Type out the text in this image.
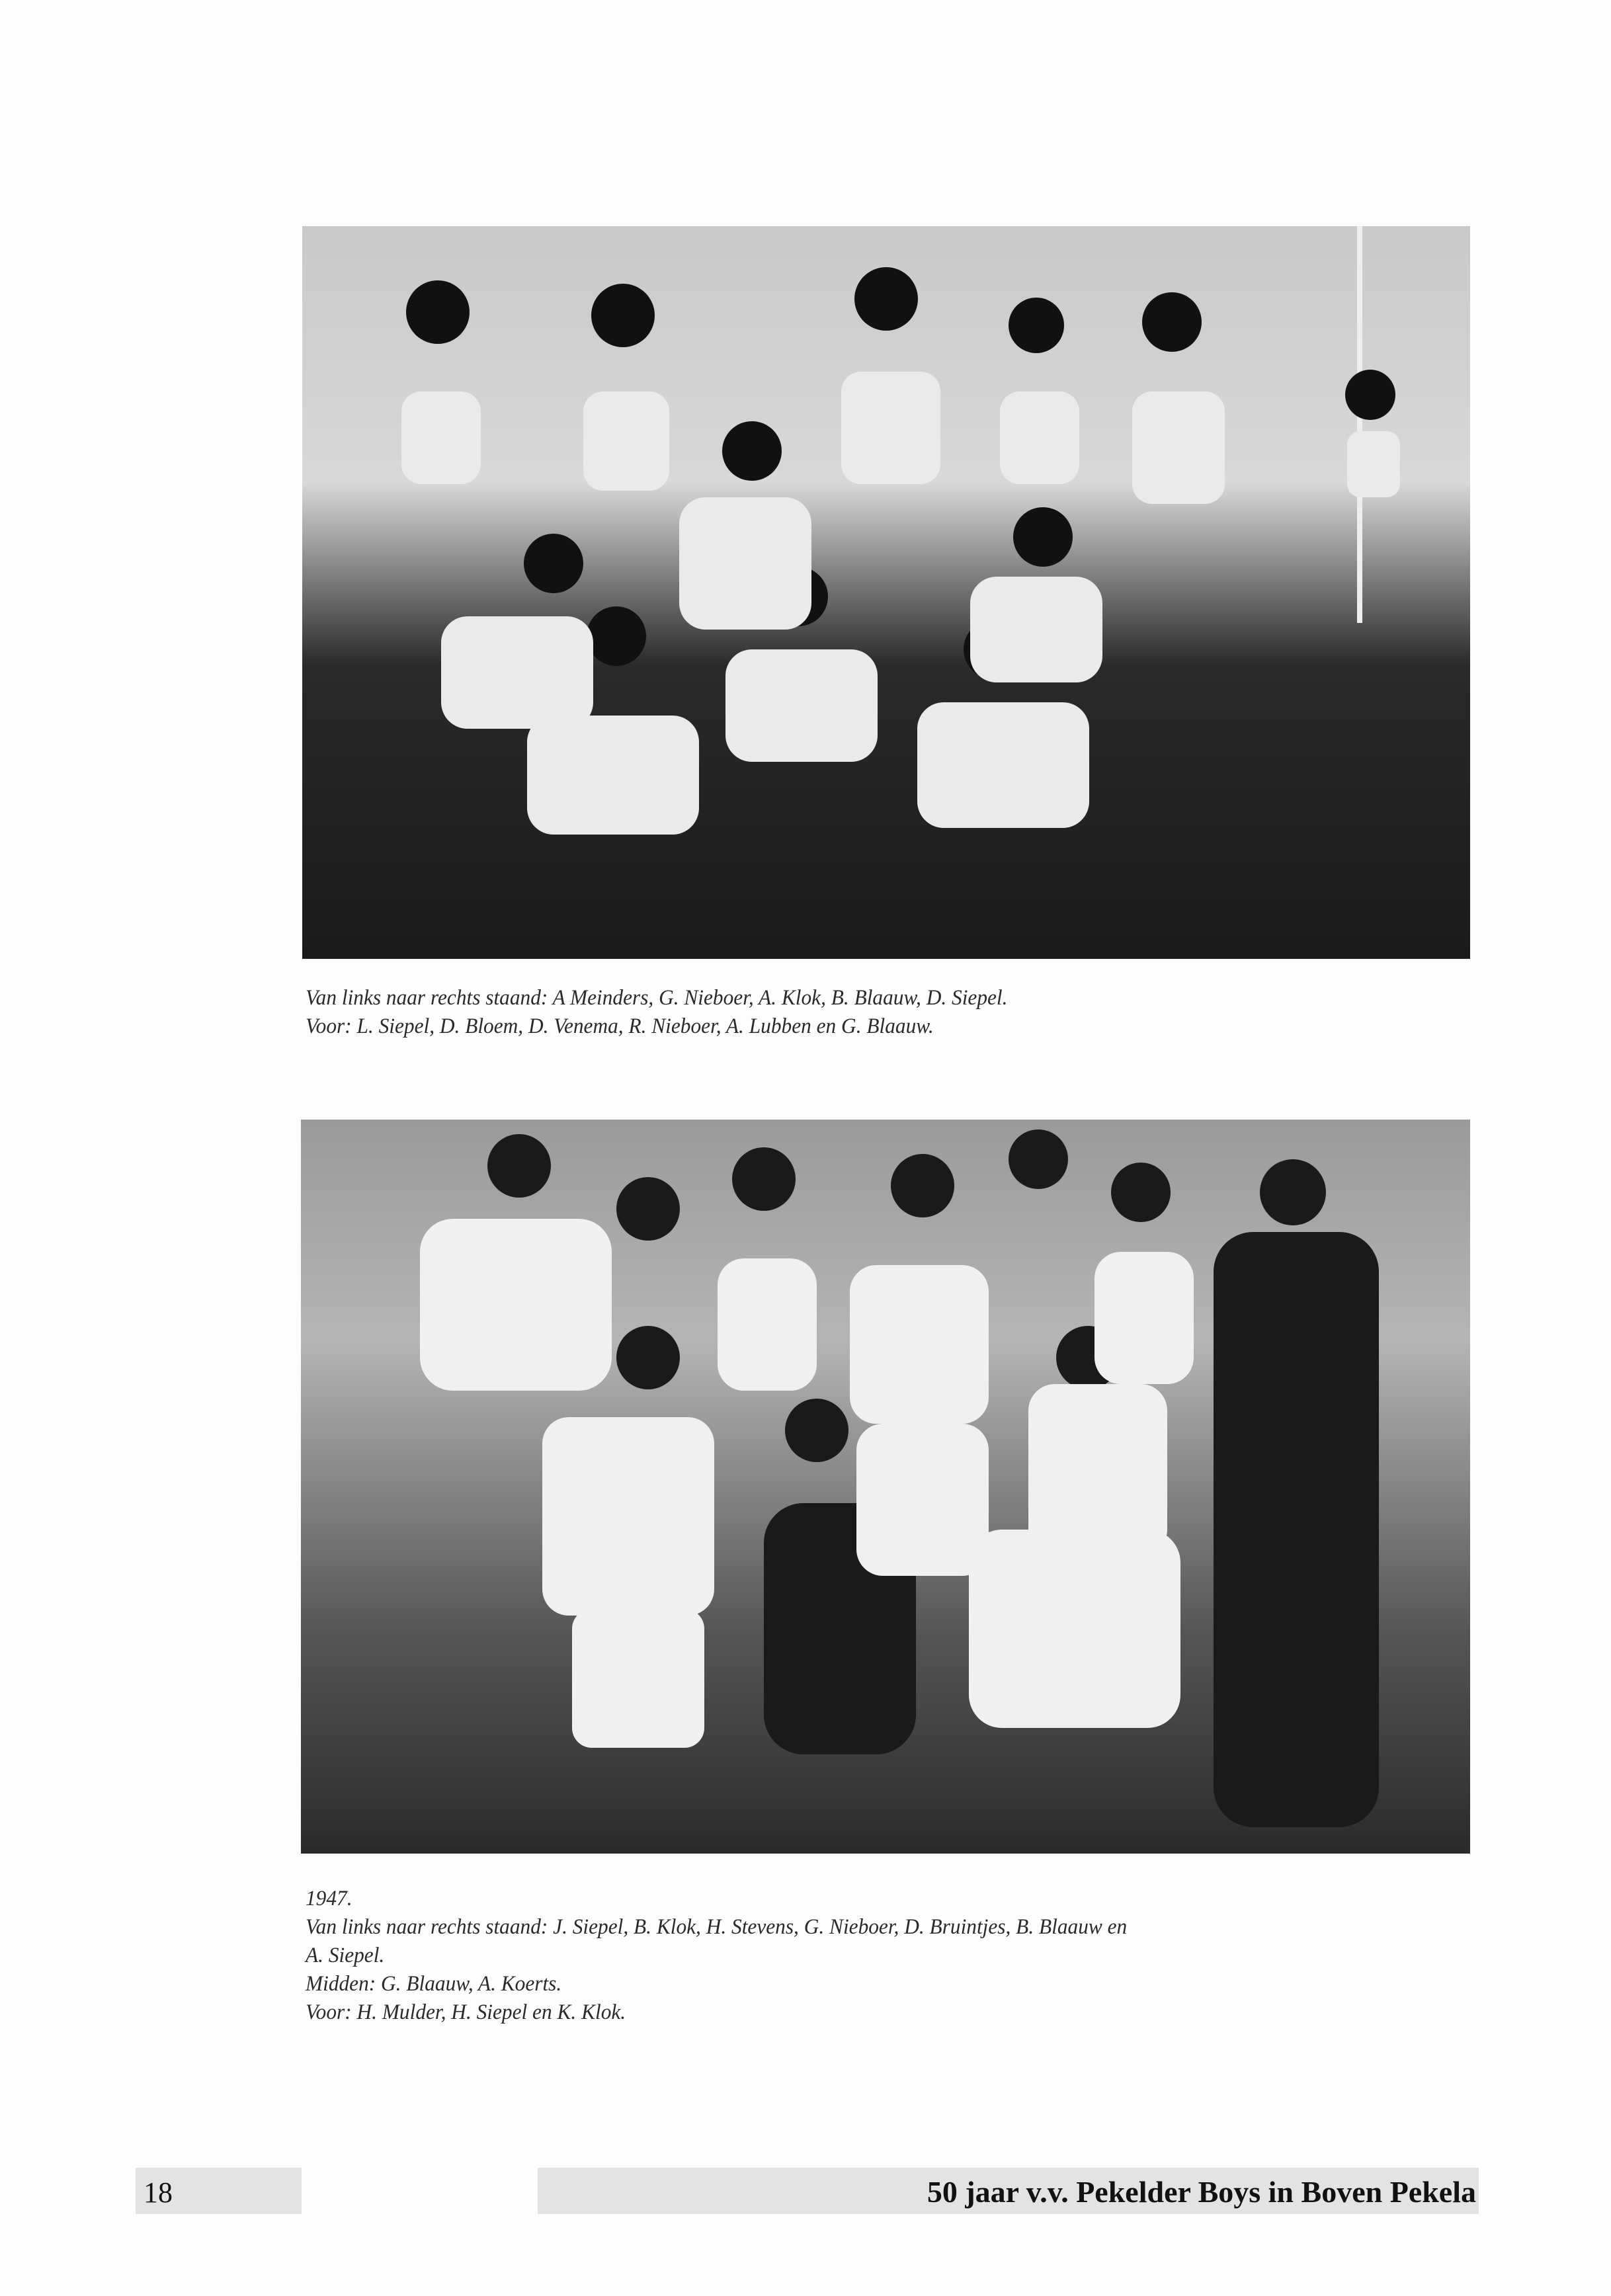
Van links naar rechts staand: A Meinders, G. Nieboer, A. Klok, B. Blaauw, D. Siepel.
Voor: L. Siepel, D. Bloem, D. Venema, R. Nieboer, A. Lubben en G. Blaauw.
1947.
Van links naar rechts staand: J. Siepel, B. Klok, H. Stevens, G. Nieboer, D. Bruintjes, B. Blaauw en
A. Siepel.
Midden: G. Blaauw, A. Koerts.
Voor: H. Mulder, H. Siepel en K. Klok.
18	50 jaar v.v. Pekelder Boys in Boven Pekela
